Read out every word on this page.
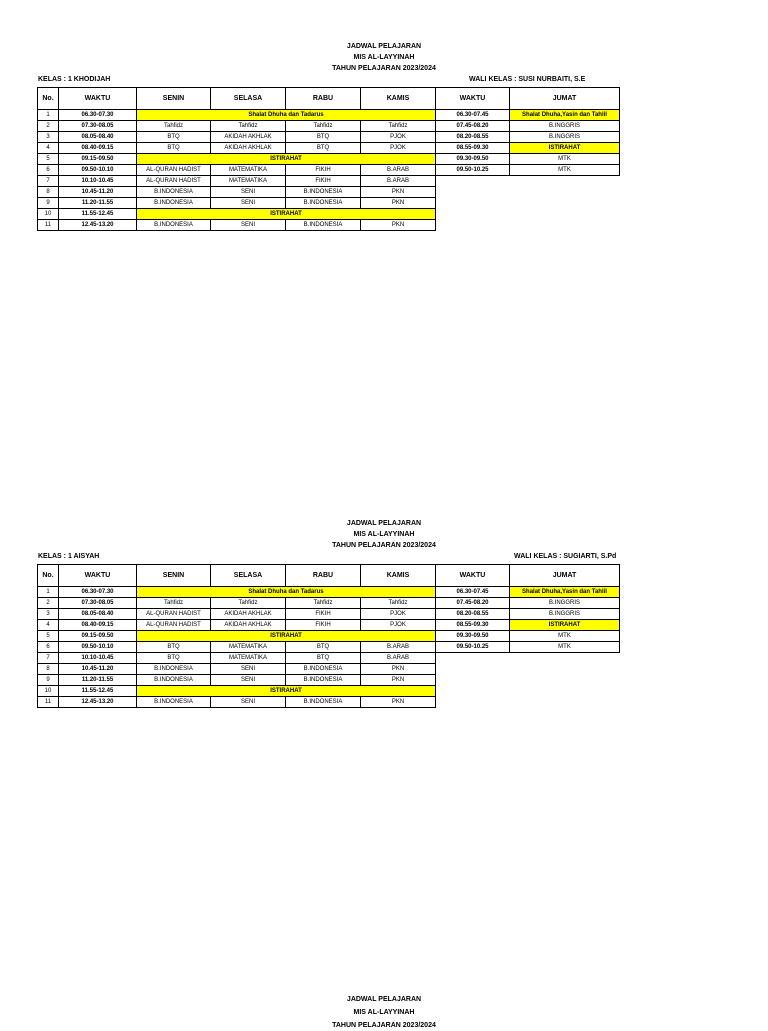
JADWAL PELAJARAN
MIS AL-LAYYINAH
TAHUN PELAJARAN 2023/2024
KELAS : 1 KHODIJAH	WALI KELAS : SUSI NURBAITI, S.E
No.	WAKTU	SENIN	SELASA	RABU	KAMIS	WAKTU	JUMAT
1	06.30-07.30	Shalat Dhuha dan Tadarus				06.30-07.45	Shalat Dhuha,Yasin dan Tahlil
2	07.30-08.05	Tahfidz	Tahfidz	Tahfidz	Tahfidz	07.45-08.20	B.INGGRIS
3	08.05-08.40	BTQ	AKIDAH AKHLAK	BTQ	PJOK	08.20-08.55	B.INGGRIS
4	08.40-09.15	BTQ	AKIDAH AKHLAK	BTQ	PJOK	08.55-09.30	ISTIRAHAT
5	09.15-09.50	ISTIRAHAT				09.30-09.50	MTK
6	09.50-10.10	AL-QURAN HADIST	MATEMATIKA	FIKIH	B.ARAB	09.50-10.25	MTK
7	10.10-10.45	AL-QURAN HADIST	MATEMATIKA	FIKIH	B.ARAB		
8	10.45-11.20	B.INDONESIA	SENI	B.INDONESIA	PKN		
9	11.20-11.55	B.INDONESIA	SENI	B.INDONESIA	PKN		
10	11.55-12.45	ISTIRAHAT					
11	12.45-13.20	B.INDONESIA	SENI	B.INDONESIA	PKN		
JADWAL PELAJARAN
MIS AL-LAYYINAH
TAHUN PELAJARAN 2023/2024
KELAS : 1 AISYAH	WALI KELAS : SUGIARTI, S.Pd
No.	WAKTU	SENIN	SELASA	RABU	KAMIS	WAKTU	JUMAT
1	06.30-07.30	Shalat Dhuha dan Tadarus				06.30-07.45	Shalat Dhuha,Yasin dan Tahlil
2	07.30-08.05	Tahfidz	Tahfidz	Tahfidz	Tahfidz	07.45-08.20	B.INGGRIS
3	08.05-08.40	AL-QURAN HADIST	AKIDAH AKHLAK	FIKIH	PJOK	08.20-08.55	B.INGGRIS
4	08.40-09.15	AL-QURAN HADIST	AKIDAH AKHLAK	FIKIH	PJOK	08.55-09.30	ISTIRAHAT
5	09.15-09.50	ISTIRAHAT				09.30-09.50	MTK
6	09.50-10.10	BTQ	MATEMATIKA	BTQ	B.ARAB	09.50-10.25	MTK
7	10.10-10.45	BTQ	MATEMATIKA	BTQ	B.ARAB		
8	10.45-11.20	B.INDONESIA	SENI	B.INDONESIA	PKN		
9	11.20-11.55	B.INDONESIA	SENI	B.INDONESIA	PKN		
10	11.55-12.45	ISTIRAHAT					
11	12.45-13.20	B.INDONESIA	SENI	B.INDONESIA	PKN		
JADWAL PELAJARAN
MIS AL-LAYYINAH
TAHUN PELAJARAN 2023/2024
